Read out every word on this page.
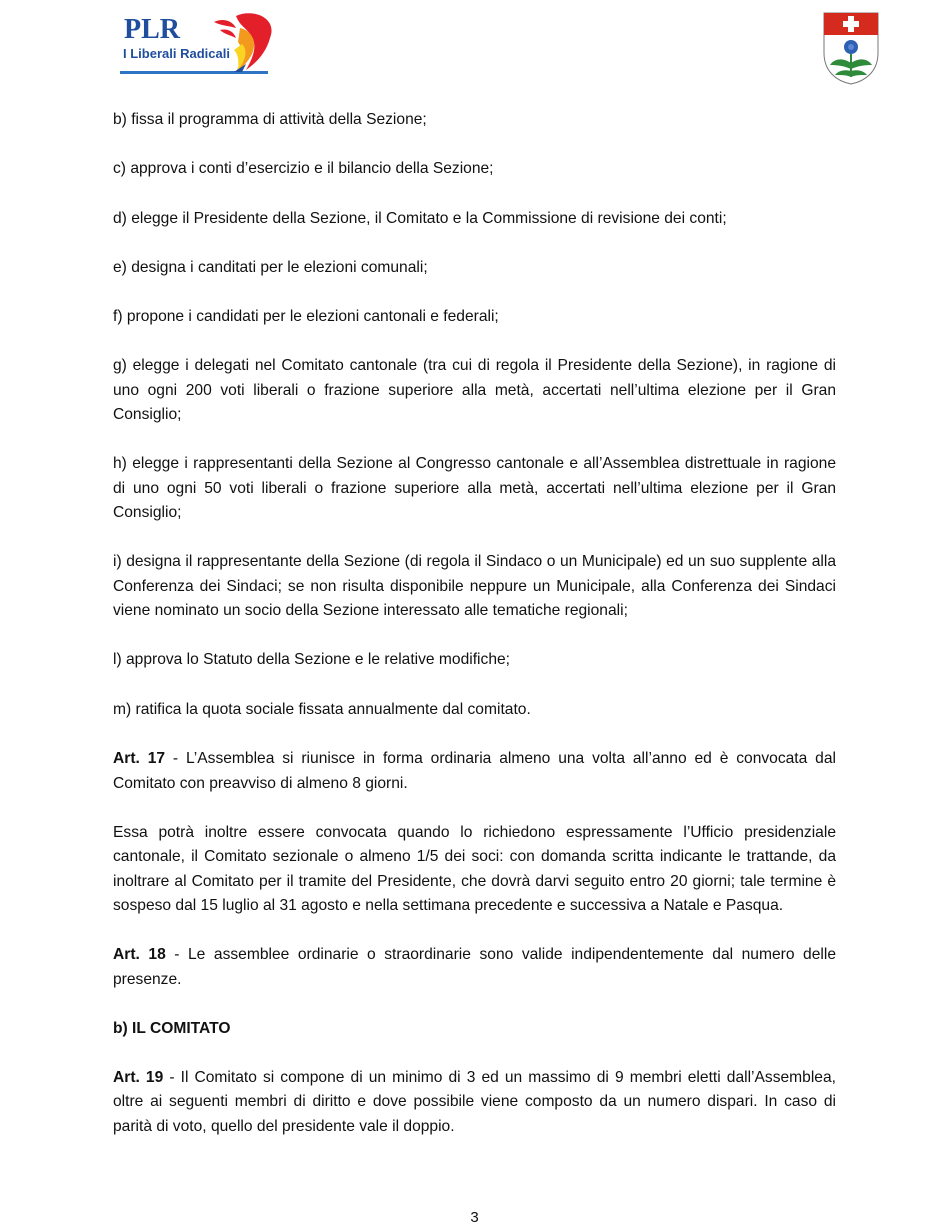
PLR
I Liberali Radicali

b) fissa il programma di attività della Sezione;

c) approva i conti d’esercizio e il bilancio della Sezione;

d) elegge il Presidente della Sezione, il Comitato e la Commissione di revisione dei conti;

e) designa i canditati per le elezioni comunali;

f) propone i candidati per le elezioni cantonali e federali;

g) elegge i delegati nel Comitato cantonale (tra cui di regola il Presidente della Sezione), in ragione di uno ogni 200 voti liberali o frazione superiore alla metà, accertati nell’ultima elezione per il Gran Consiglio;

h) elegge i rappresentanti della Sezione al Congresso cantonale e all’Assemblea distrettuale in ragione di uno ogni 50 voti liberali o frazione superiore alla metà, accertati nell’ultima elezione per il Gran Consiglio;

i) designa il rappresentante della Sezione (di regola il Sindaco o un Municipale) ed un suo supplente alla Conferenza dei Sindaci; se non risulta disponibile neppure un Municipale, alla Conferenza dei Sindaci viene nominato un socio della Sezione interessato alle tematiche regionali;

l) approva lo Statuto della Sezione e le relative modifiche;

m) ratifica la quota sociale fissata annualmente dal comitato.

Art. 17 - L’Assemblea si riunisce in forma ordinaria almeno una volta all’anno ed è convocata dal Comitato con preavviso di almeno 8 giorni.

Essa potrà inoltre essere convocata quando lo richiedono espressamente l’Ufficio presidenziale cantonale, il Comitato sezionale o almeno 1/5 dei soci: con domanda scritta indicante le trattande, da inoltrare al Comitato per il tramite del Presidente, che dovrà darvi seguito entro 20 giorni; tale termine è sospeso dal 15 luglio al 31 agosto e nella settimana precedente e successiva a Natale e Pasqua.

Art. 18 - Le assemblee ordinarie o straordinarie sono valide indipendentemente dal numero delle presenze.

b) IL COMITATO

Art. 19 - Il Comitato si compone di un minimo di 3 ed un massimo di 9 membri eletti dall’Assemblea, oltre ai seguenti membri di diritto e dove possibile viene composto da un numero dispari. In caso di parità di voto, quello del presidente vale il doppio.

3
